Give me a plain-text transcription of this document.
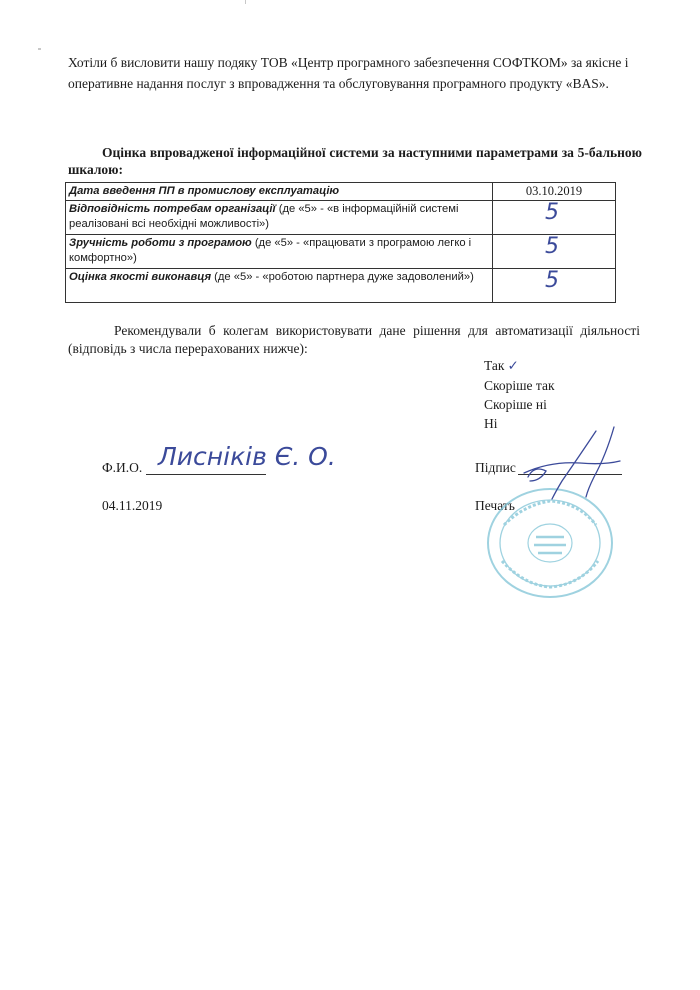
Хотіли б висловити нашу подяку ТОВ «Центр програмного забезпечення СОФТКОМ» за якісне і оперативне надання послуг з впровадження та обслуговування програмного продукту «BAS».
Оцінка впровадженої інформаційної системи за наступними параметрами за 5-бальною шкалою:
Дата введення ПП в промислову експлуатацію	03.10.2019
Відповідність потребам організації (де «5» - «в інформаційній системі реалізовані всі необхідні можливості»)	5

Зручність роботи з програмою (де «5» - «працювати з програмою легко і комфортно»)	5

Оцінка якості виконавця (де «5» - «роботою партнера дуже задоволений»)	5
Рекомендували б колегам використовувати дане рішення для автоматизації діяльності (відповідь з числа перерахованих нижче):
Так ✓
Скоріше так
Скоріше ні
Ні
Ф.И.О. Лисніків Є. О.	Підпис
04.11.2019	Печать
